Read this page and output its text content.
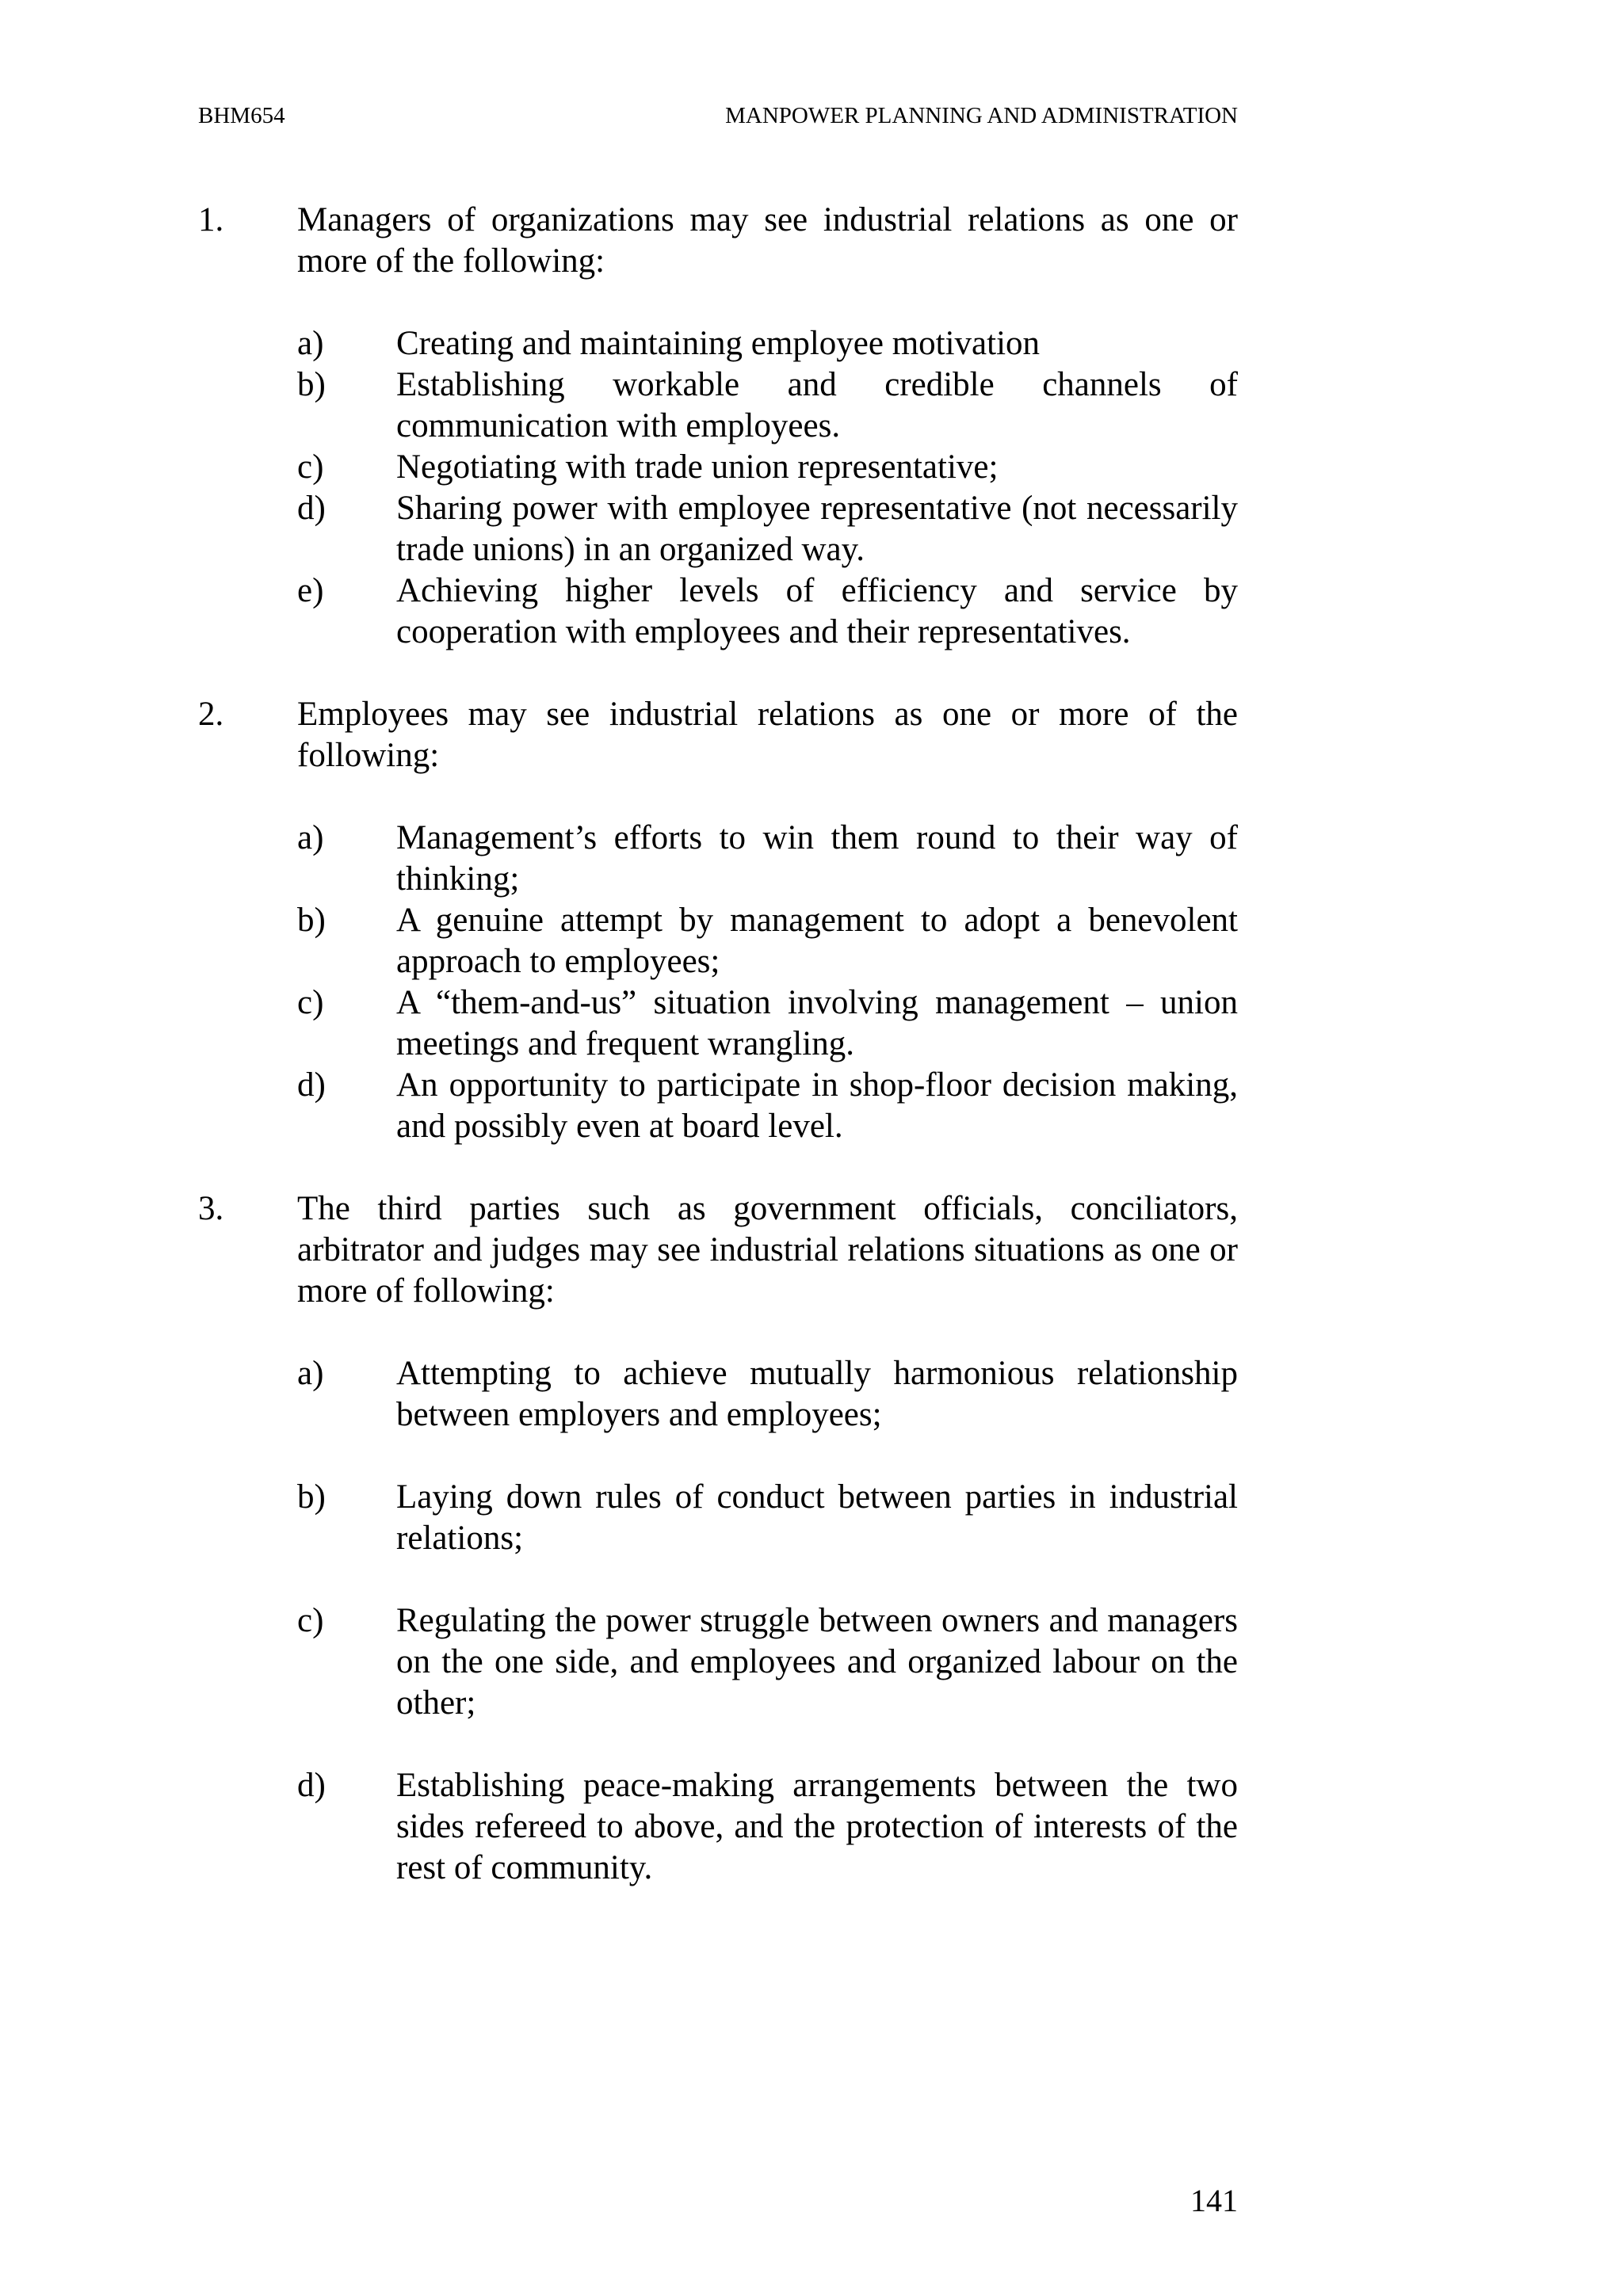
BHM654	MANPOWER PLANNING AND ADMINISTRATION
1.	Managers of organizations may see industrial relations as one or more of the following:
a)	Creating and maintaining employee motivation
b)	Establishing workable and credible channels of communication with employees.
c)	Negotiating with trade union representative;
d)	Sharing power with employee representative (not necessarily trade unions) in an organized way.
e)	Achieving higher levels of efficiency and service by cooperation with employees and their representatives.
2.	Employees may see industrial relations as one or more of the following:
a)	Management’s efforts to win them round to their way of thinking;
b)	A genuine attempt by management to adopt a benevolent approach to employees;
c)	A “them-and-us” situation involving management – union meetings and frequent wrangling.
d)	An opportunity to participate in shop-floor decision making, and possibly even at board level.
3.	The third parties such as government officials, conciliators, arbitrator and judges may see industrial relations situations as one or more of following:
a)	Attempting to achieve mutually harmonious relationship between employers and employees;
b)	Laying down rules of conduct between parties in industrial relations;
c)	Regulating the power struggle between owners and managers on the one side, and employees and organized labour on the other;
d)	Establishing peace-making arrangements between the two sides refereed to above, and the protection of interests of the rest of community.
141
